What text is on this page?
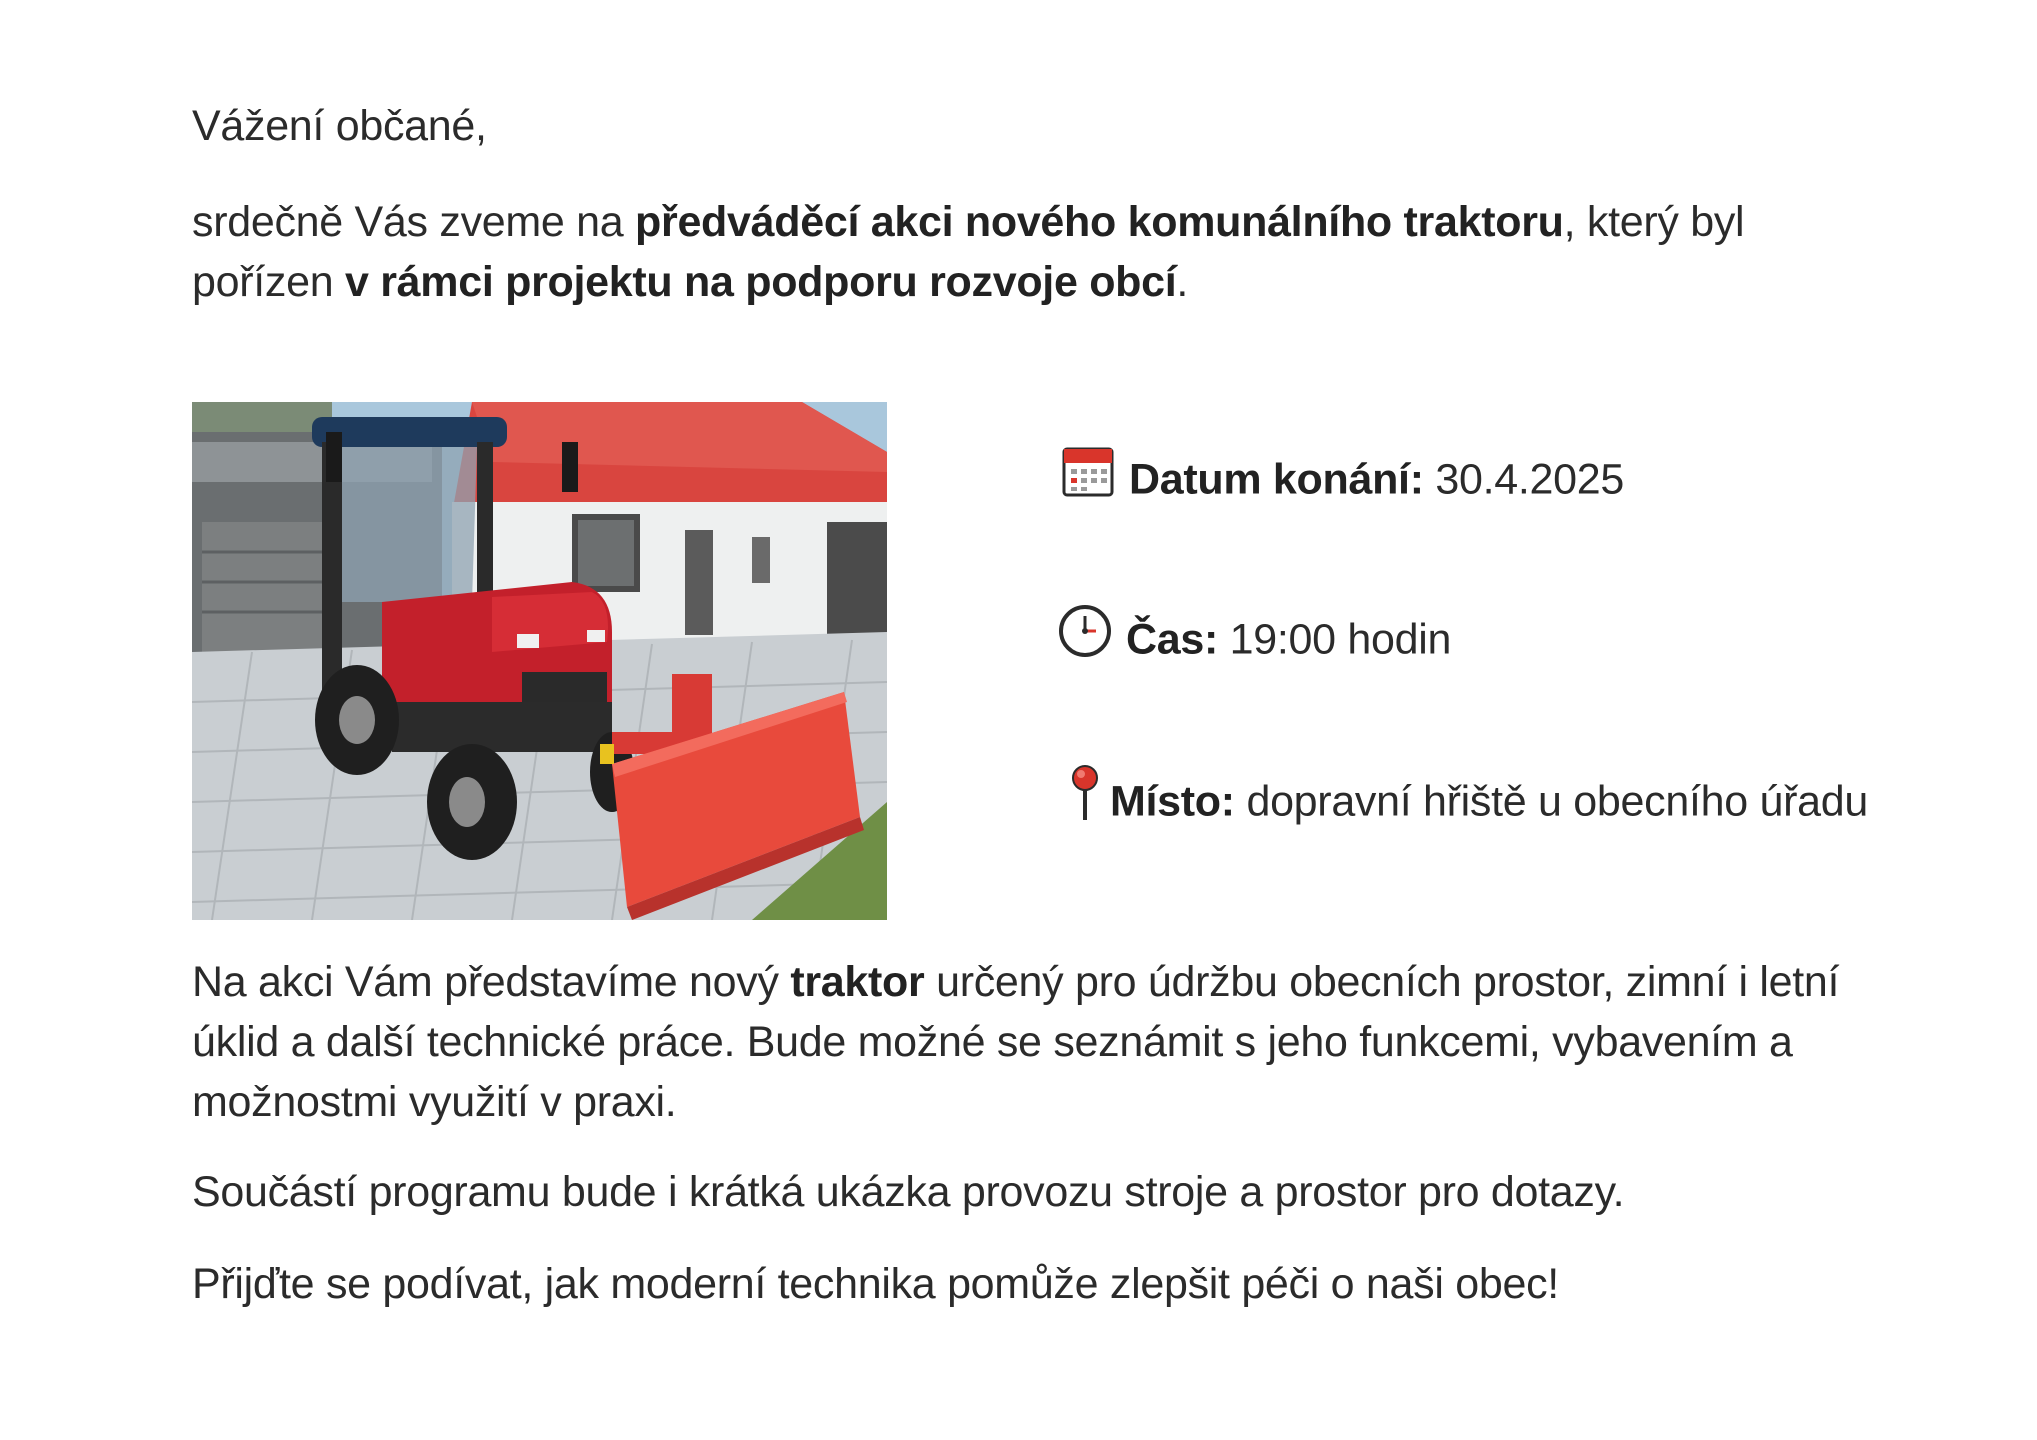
Vážení občané,

srdečně Vás zveme na předváděcí akci nového komunálního traktoru, který byl
pořízen v rámci projektu na podporu rozvoje obcí.

Datum konání: 30.4.2025
Čas: 19:00 hodin
Místo: dopravní hřiště u obecního úřadu

Na akci Vám představíme nový traktor určený pro údržbu obecních prostor, zimní i letní
úklid a další technické práce. Bude možné se seznámit s jeho funkcemi, vybavením a
možnostmi využití v praxi.

Součástí programu bude i krátká ukázka provozu stroje a prostor pro dotazy.

Přijďte se podívat, jak moderní technika pomůže zlepšit péči o naši obec!
